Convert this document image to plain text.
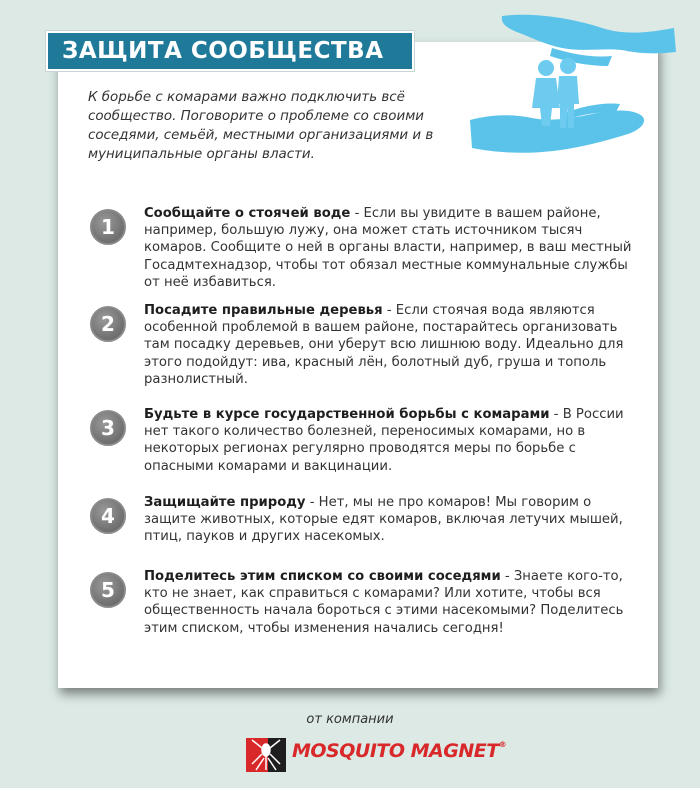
ЗАЩИТА СООБЩЕСТВА

К борьбе с комарами важно подключить всё сообщество. Поговорите о проблеме со своими соседями, семьёй, местными организациями и в муниципальные органы власти.

1
Сообщайте о стоячей воде - Если вы увидите в вашем районе, например, большую лужу, она может стать источником тысяч комаров. Сообщите о ней в органы власти, например, в ваш местный Госадмтехнадзор, чтобы тот обязал местные коммунальные службы от неё избавиться.
2
Посадите правильные деревья - Если стоячая вода являются особенной проблемой в вашем районе, постарайтесь организовать там посадку деревьев, они уберут всю лишнюю воду. Идеально для этого подойдут: ива, красный лён, болотный дуб, груша и тополь разнолистный.
3
Будьте в курсе государственной борьбы с комарами - В России нет такого количество болезней, переносимых комарами, но в некоторых регионах регулярно проводятся меры по борьбе с опасными комарами и вакцинации.
4
Защищайте природу - Нет, мы не про комаров! Мы говорим о защите животных, которые едят комаров, включая летучих мышей, птиц, пауков и других насекомых.
5
Поделитесь этим списком со своими соседями - Знаете кого-то, кто не знает, как справиться с комарами? Или хотите, чтобы вся общественность начала бороться с этими насекомыми? Поделитесь этим списком, чтобы изменения начались сегодня!
от компании
MOSQUITO MAGNET®
